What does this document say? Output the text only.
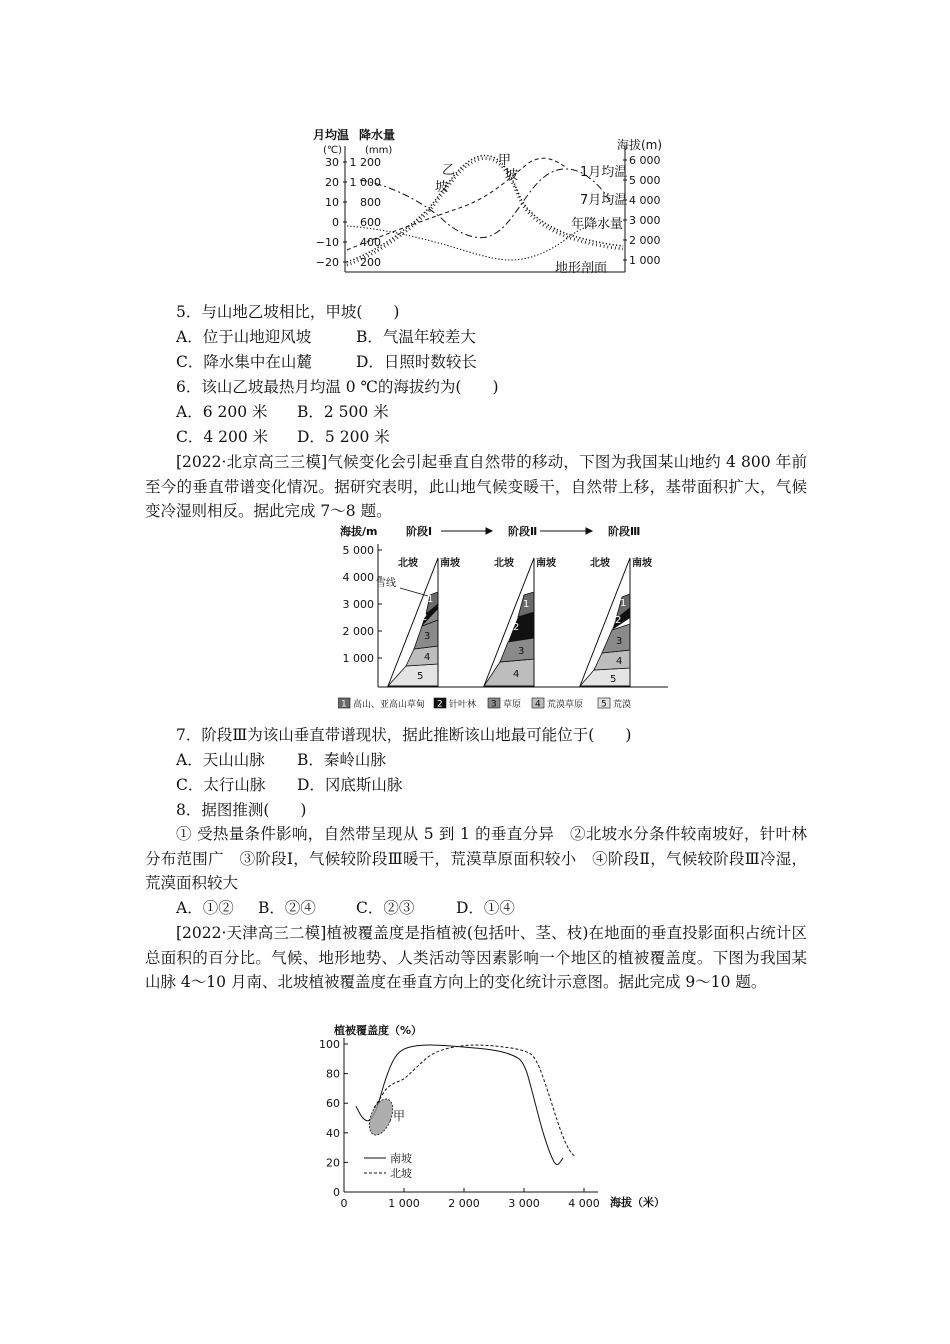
月均温 降水量
(℃) (mm)	海拔(m)
30
20
10
0
−10
−20
1 200
1 000
800
600
400
200
6 000
5 000
4 000
3 000
2 000
1 000
乙
坡
甲
坡	1月均温
7月均温
年降水量
地形剖面
5．与山地乙坡相比，甲坡(　　)
A．位于山地迎风坡	B．气温年较差大
C．降水集中在山麓	D．日照时数较长
6．该山乙坡最热月均温 0 ℃的海拔约为(　　)
A．6 200 米 B．2 500 米
C．4 200 米 D．5 200 米
[2022·北京高三三模]气候变化会引起垂直自然带的移动，下图为我国某山地约 4 800 年前至今的垂直带谱变化情况。据研究表明，此山地气候变暖干，自然带上移，基带面积扩大，气候变冷湿则相反。据此完成 7～8 题。
海拔/m	阶段Ⅰ	阶段Ⅱ	阶段Ⅲ
5 000
4 000
3 000
2 000
1 000
北坡 南坡
雪线
1
2
3
4
5
北坡 南坡
1
2
3
4
北坡 南坡
1
2
3
4
5
1 高山、亚高山草甸 2 针叶林 3 草原 4 荒漠草原 5 荒漠
7．阶段Ⅲ为该山垂直带谱现状，据此推断该山地最可能位于(　　)
A．天山山脉 B．秦岭山脉
C．太行山脉 D．冈底斯山脉
8．据图推测(　　)
① 受热量条件影响，自然带呈现从 5 到 1 的垂直分异　②北坡水分条件较南坡好，针叶林分布范围广　③阶段Ⅰ，气候较阶段Ⅲ暖干，荒漠草原面积较小　④阶段Ⅱ，气候较阶段Ⅲ冷湿，荒漠面积较大
A．①② B．②④	C．②③	D．①④
[2022·天津高三二模]植被覆盖度是指植被(包括叶、茎、枝)在地面的垂直投影面积占统计区总面积的百分比。气候、地形地势、人类活动等因素影响一个地区的植被覆盖度。下图为我国某山脉 4～10 月南、北坡植被覆盖度在垂直方向上的变化统计示意图。据此完成 9～10 题。
植被覆盖度（%）
100
80
60
40
20
0
0	1 000	2 000	3 000	4 000
甲
南坡
北坡
海拔（米）
